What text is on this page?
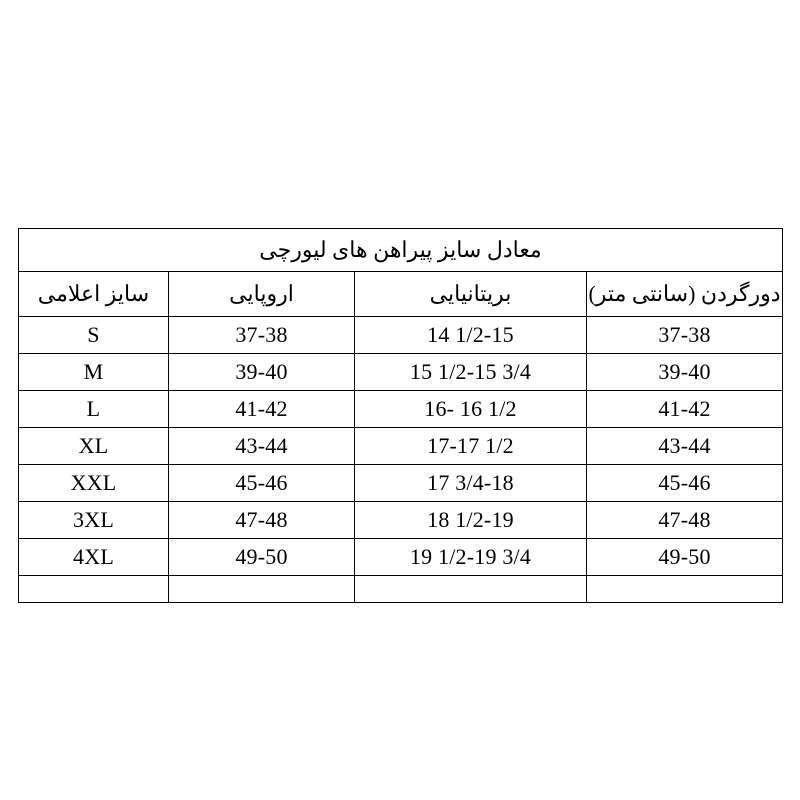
معادل سایز پیراهن های لیورچی			
سایز اعلامی	اروپایی	بریتانیایی	دورگردن (سانتی متر)
S	37-38	14 1/2-15	37-38
M	39-40	15 1/2-15 3/4	39-40
L	41-42	16- 16 1/2	41-42
XL	43-44	17-17 1/2	43-44
XXL	45-46	17 3/4-18	45-46
3XL	47-48	18 1/2-19	47-48
4XL	49-50	19 1/2-19 3/4	49-50
